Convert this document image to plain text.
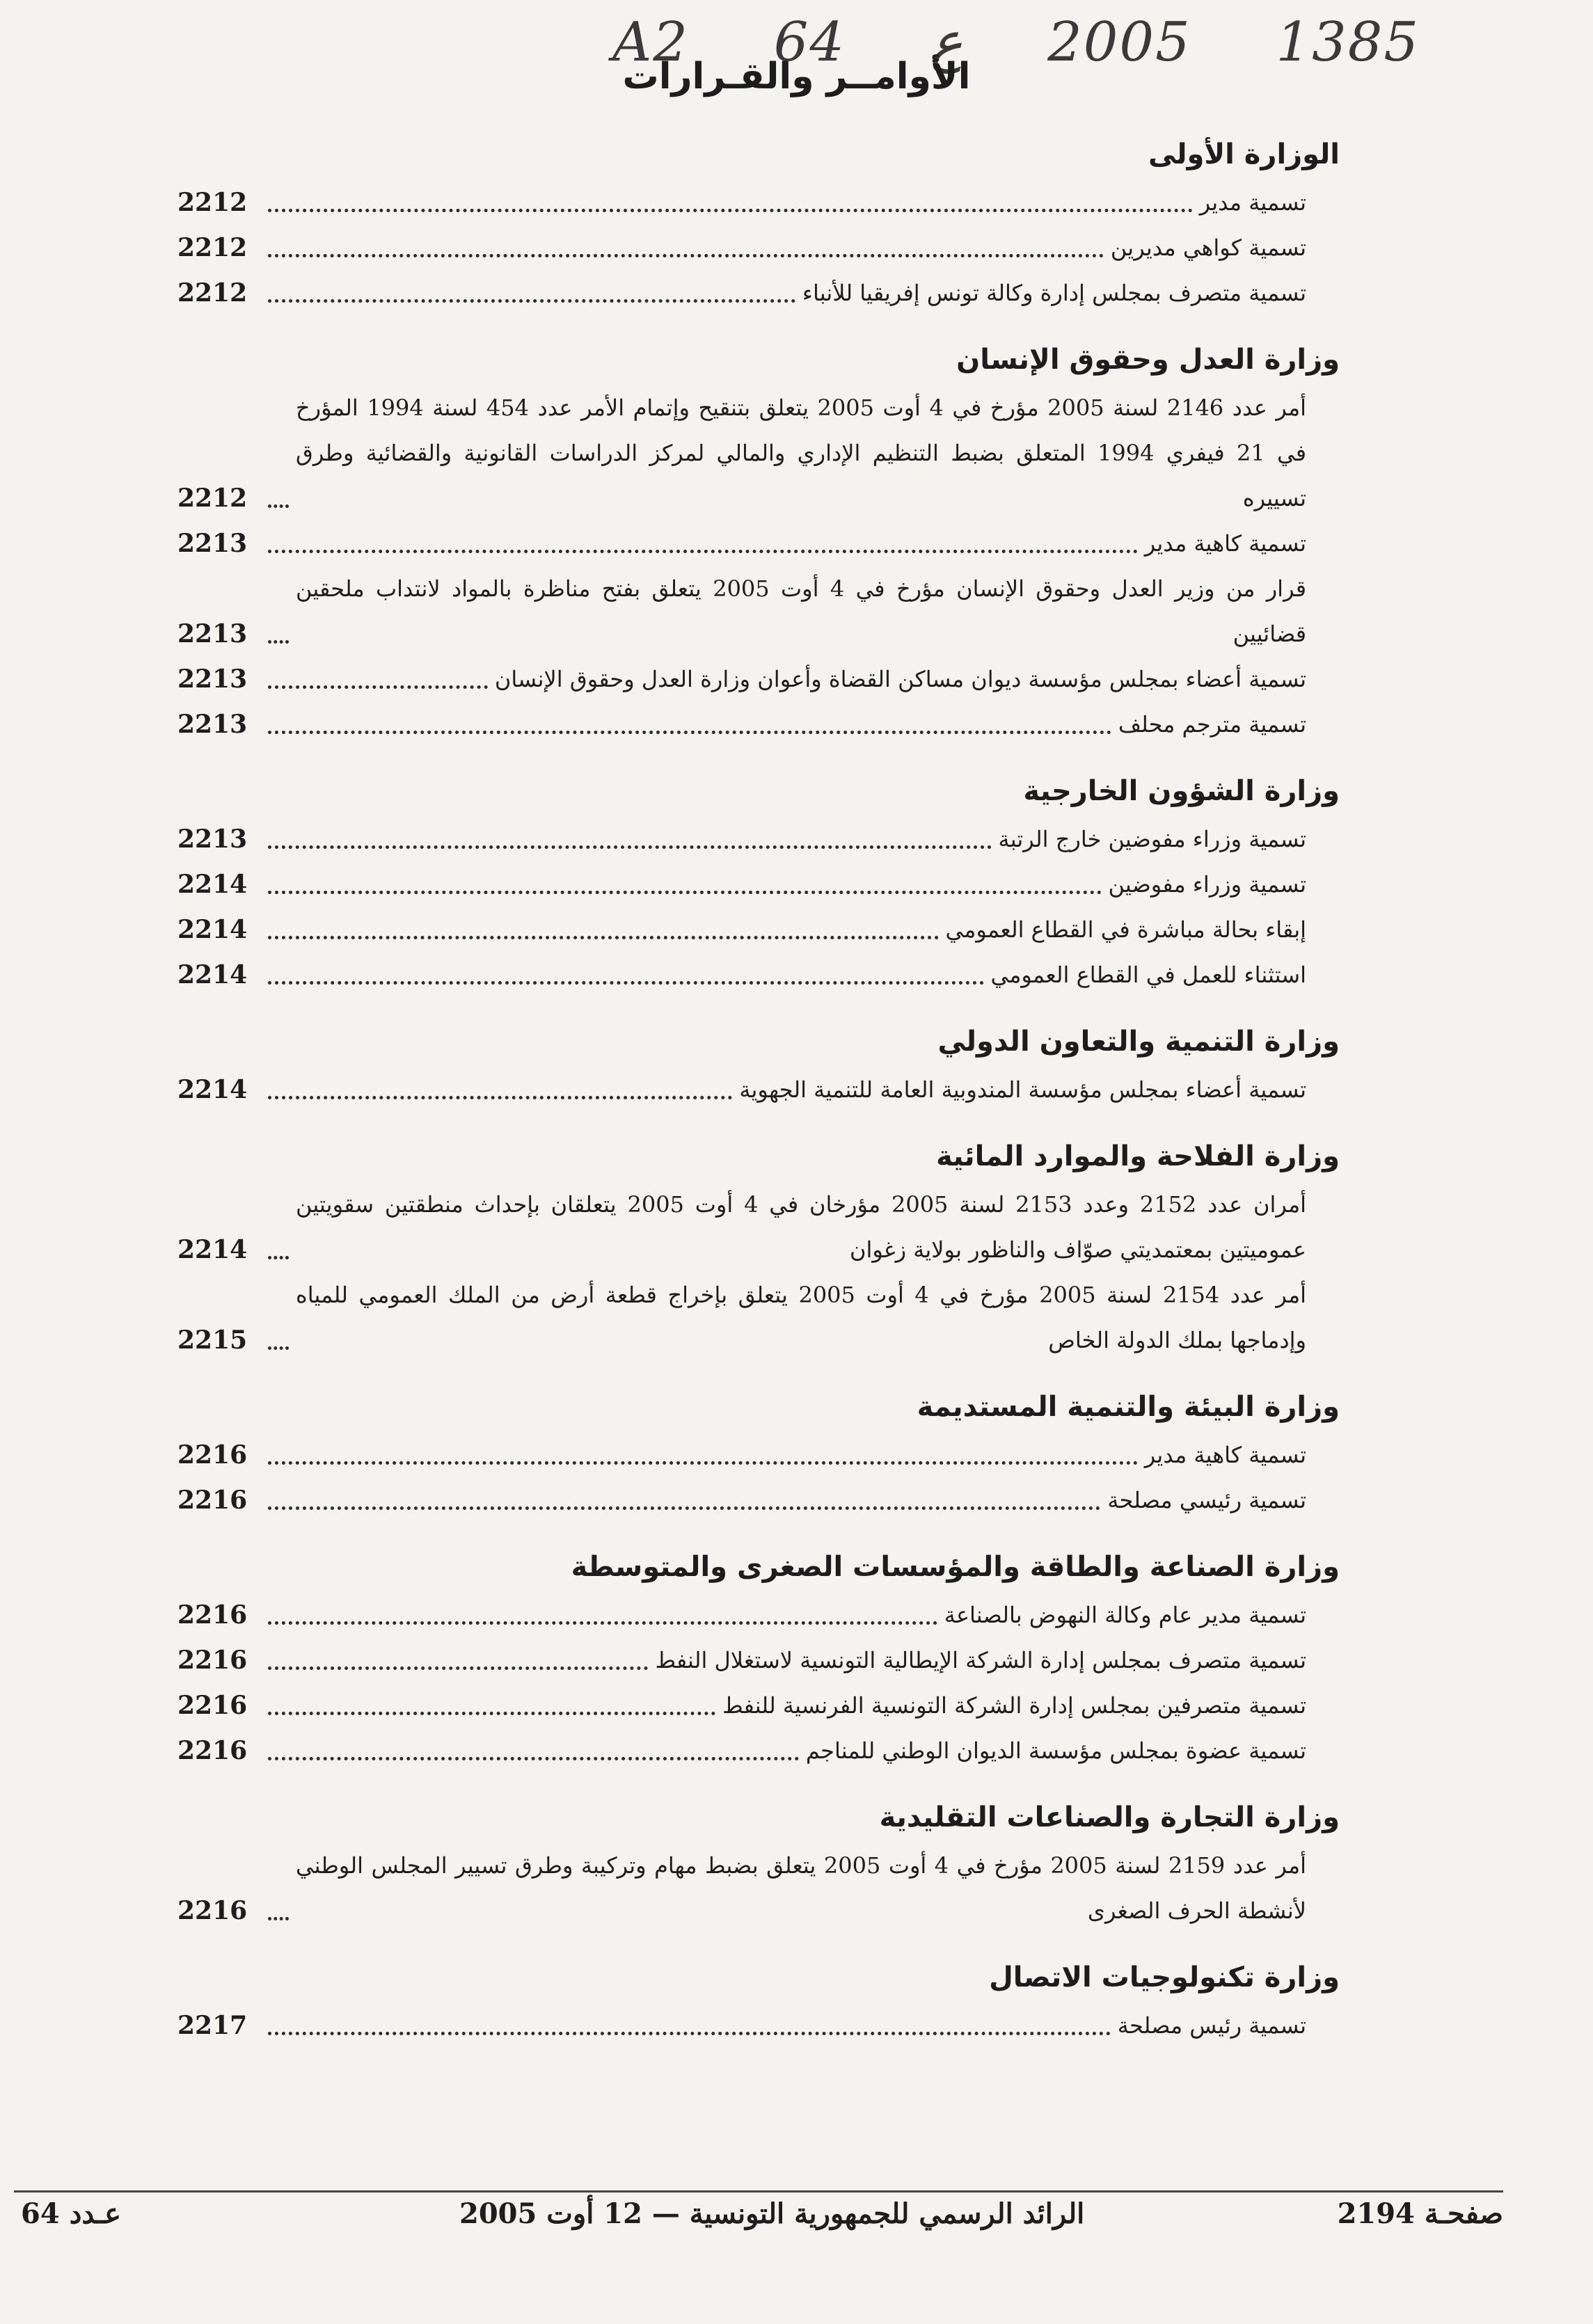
A2 64 ع 2005 1385
الأوامــر والقـرارات
الوزارة الأولى
تسمية مدير
2212
تسمية كواهي مديرين
2212
تسمية متصرف بمجلس إدارة وكالة تونس إفريقيا للأنباء
2212
وزارة العدل وحقوق الإنسان
أمر عدد 2146 لسنة 2005 مؤرخ في 4 أوت 2005 يتعلق بتنقيح وإتمام الأمر عدد 454 لسنة 1994 المؤرخ في 21 فيفري 1994 المتعلق بضبط التنظيم الإداري والمالي لمركز الدراسات القانونية والقضائية وطرق تسييره
2212
تسمية كاهية مدير
2213
قرار من وزير العدل وحقوق الإنسان مؤرخ في 4 أوت 2005 يتعلق بفتح مناظرة بالمواد لانتداب ملحقين قضائيين
2213
تسمية أعضاء بمجلس مؤسسة ديوان مساكن القضاة وأعوان وزارة العدل وحقوق الإنسان
2213
تسمية مترجم محلف
2213
وزارة الشؤون الخارجية
تسمية وزراء مفوضين خارج الرتبة
2213
تسمية وزراء مفوضين
2214
إبقاء بحالة مباشرة في القطاع العمومي
2214
استثناء للعمل في القطاع العمومي
2214
وزارة التنمية والتعاون الدولي
تسمية أعضاء بمجلس مؤسسة المندوبية العامة للتنمية الجهوية
2214
وزارة الفلاحة والموارد المائية
أمران عدد 2152 وعدد 2153 لسنة 2005 مؤرخان في 4 أوت 2005 يتعلقان بإحداث منطقتين سقويتين عموميتين بمعتمديتي صوّاف والناظور بولاية زغوان
2214
أمر عدد 2154 لسنة 2005 مؤرخ في 4 أوت 2005 يتعلق بإخراج قطعة أرض من الملك العمومي للمياه وإدماجها بملك الدولة الخاص
2215
وزارة البيئة والتنمية المستديمة
تسمية كاهية مدير
2216
تسمية رئيسي مصلحة
2216
وزارة الصناعة والطاقة والمؤسسات الصغرى والمتوسطة
تسمية مدير عام وكالة النهوض بالصناعة
2216
تسمية متصرف بمجلس إدارة الشركة الإيطالية التونسية لاستغلال النفط
2216
تسمية متصرفين بمجلس إدارة الشركة التونسية الفرنسية للنفط
2216
تسمية عضوة بمجلس مؤسسة الديوان الوطني للمناجم
2216
وزارة التجارة والصناعات التقليدية
أمر عدد 2159 لسنة 2005 مؤرخ في 4 أوت 2005 يتعلق بضبط مهام وتركيبة وطرق تسيير المجلس الوطني لأنشطة الحرف الصغرى
2216
وزارة تكنولوجيات الاتصال
تسمية رئيس مصلحة
2217
عـدد 64	الرائد الرسمي للجمهورية التونسية — 12 أوت 2005	صفحـة 2194
